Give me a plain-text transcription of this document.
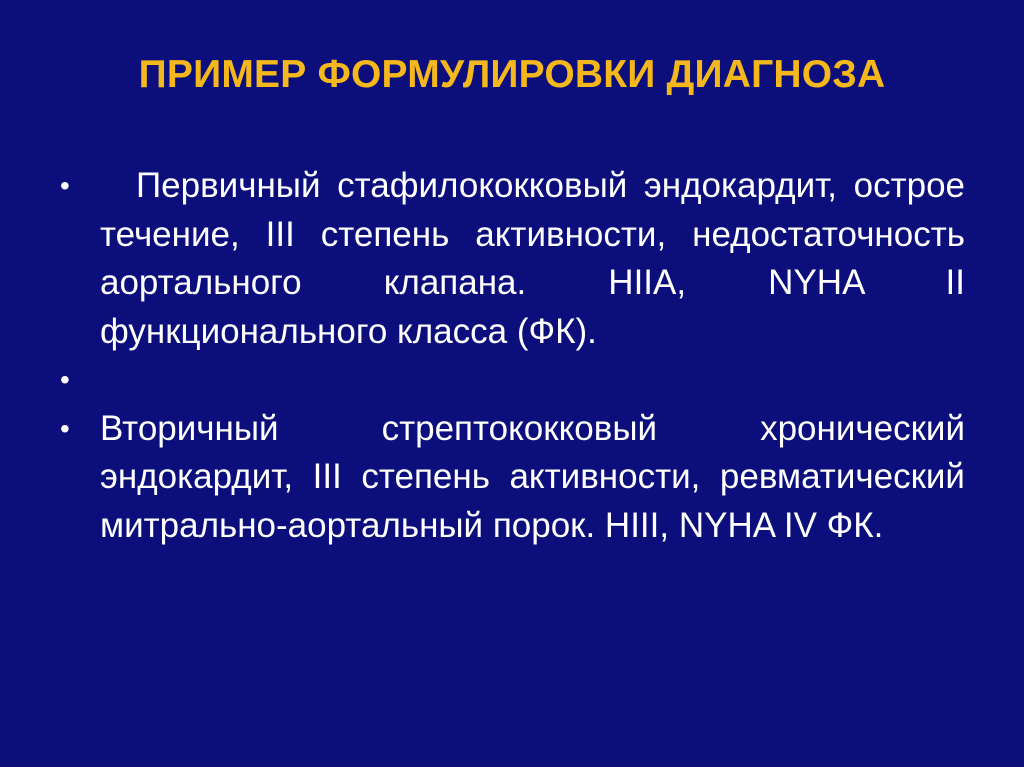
ПРИМЕР ФОРМУЛИРОВКИ ДИАГНОЗА
•	Первичный стафилококковый эндокардит, острое течение, III степень активности, недостаточность аортального клапана. HIIA, NYHA II функционального класса (ФК).
•

• Вторичный стрептококковый хронический эндокардит, III степень активности, ревматический митрально-аортальный порок. HIII, NYHA IV ФК.
